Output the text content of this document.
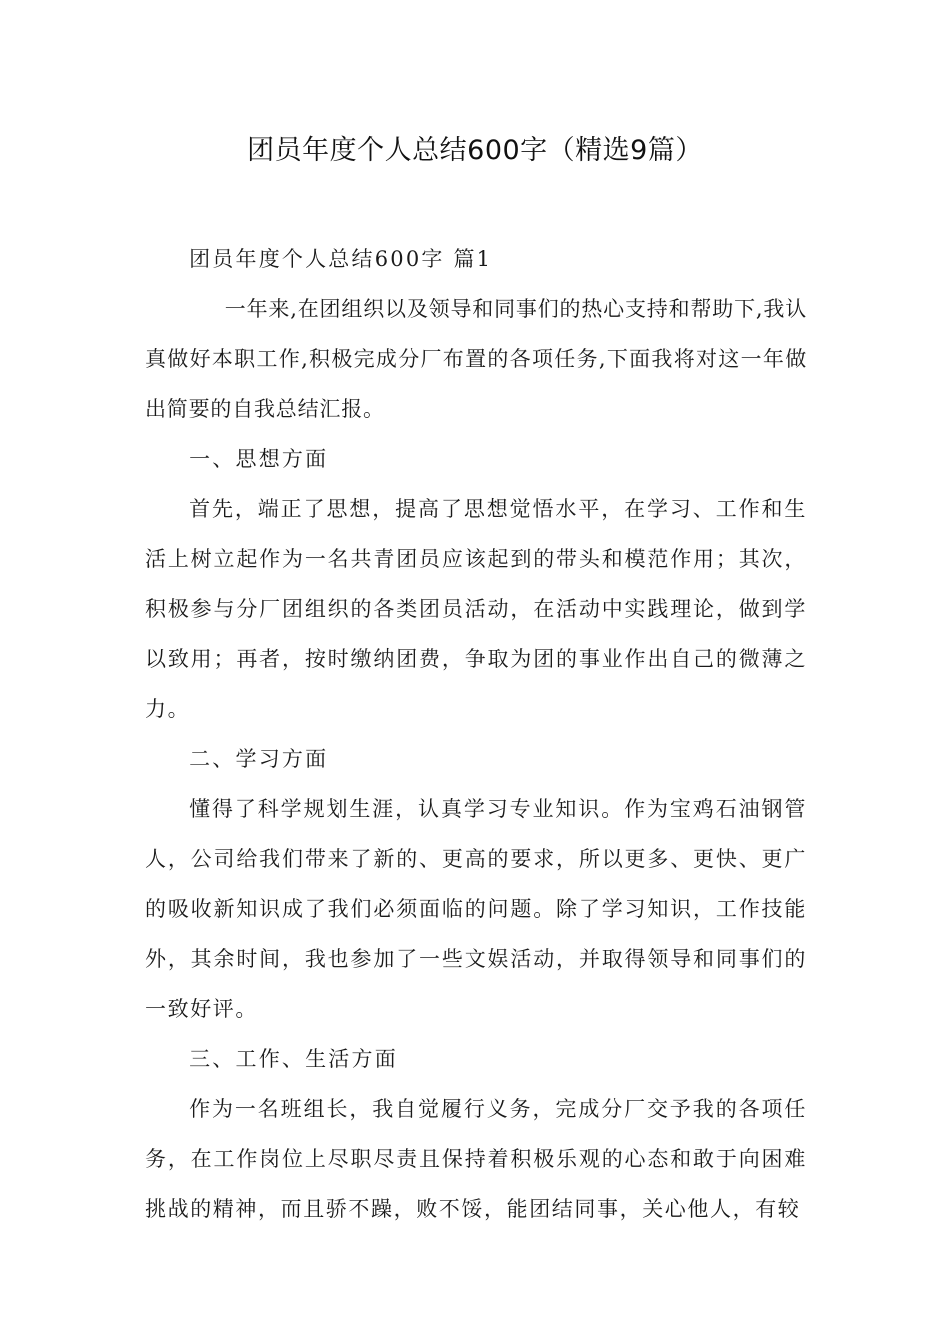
团员年度个人总结600字（精选9篇）

团员年度个人总结600字 篇1

一年来,在团组织以及领导和同事们的热心支持和帮助下,我认真做好本职工作,积极完成分厂布置的各项任务,下面我将对这一年做出简要的自我总结汇报。

一、思想方面

首先，端正了思想，提高了思想觉悟水平，在学习、工作和生活上树立起作为一名共青团员应该起到的带头和模范作用；其次，积极参与分厂团组织的各类团员活动，在活动中实践理论，做到学以致用；再者，按时缴纳团费，争取为团的事业作出自己的微薄之力。

二、学习方面

懂得了科学规划生涯，认真学习专业知识。作为宝鸡石油钢管人，公司给我们带来了新的、更高的要求，所以更多、更快、更广的吸收新知识成了我们必须面临的问题。除了学习知识，工作技能外，其余时间，我也参加了一些文娱活动，并取得领导和同事们的一致好评。

三、工作、生活方面

作为一名班组长，我自觉履行义务，完成分厂交予我的各项任务，在工作岗位上尽职尽责且保持着积极乐观的心态和敢于向困难挑战的精神，而且骄不躁，败不馁，能团结同事，关心他人，有较
